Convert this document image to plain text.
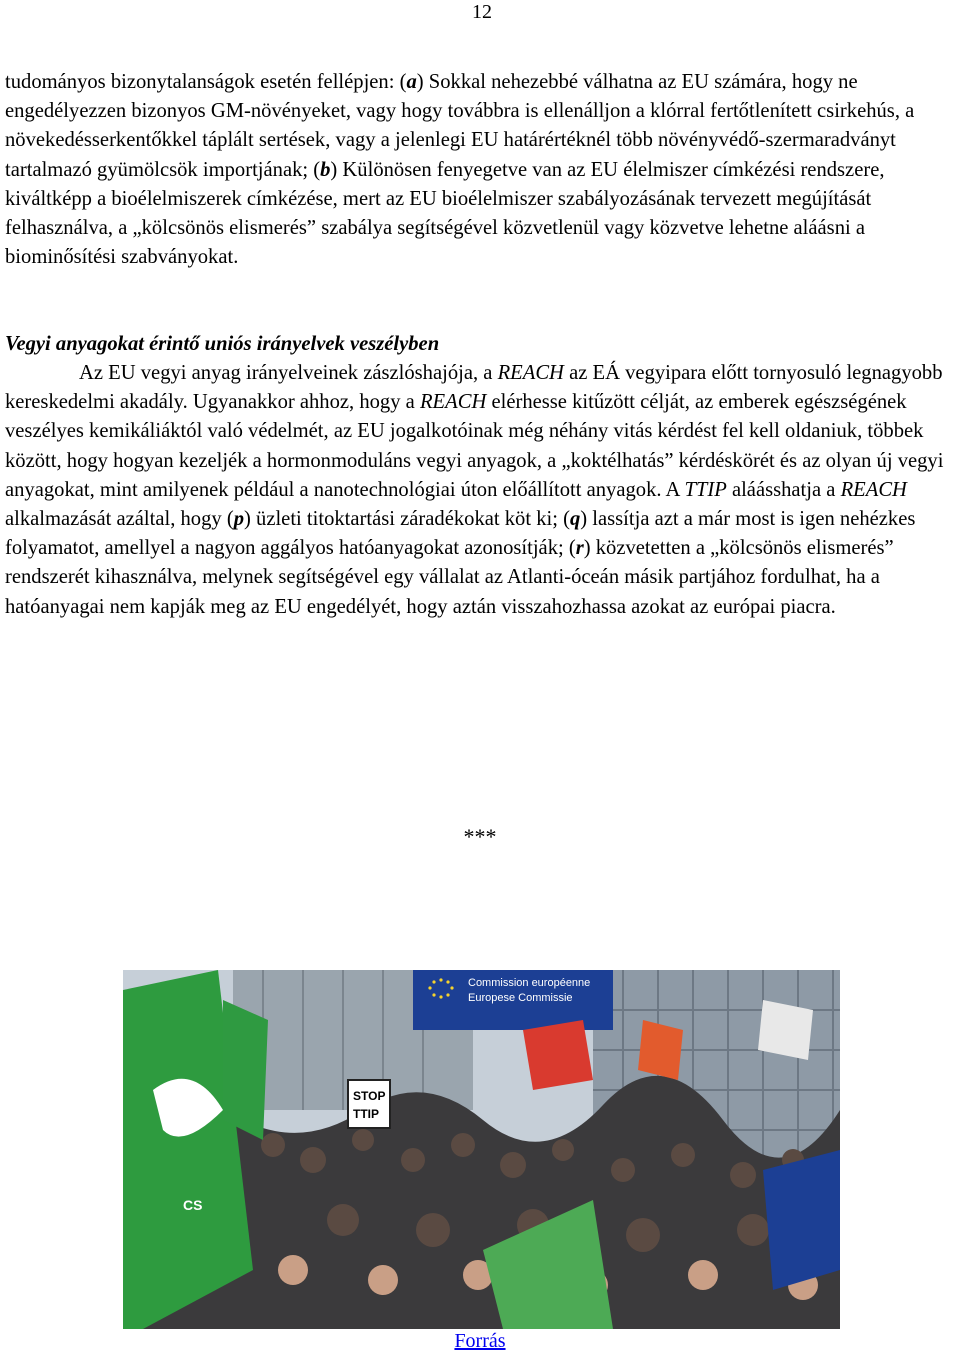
12

tudományos bizonytalanságok esetén fellépjen: (a) Sokkal nehezebbé válhatna az EU számára, hogy ne engedélyezzen bizonyos GM-növényeket, vagy hogy továbbra is ellenálljon a klórral fertőtlenített csirkehús, a növekedésserkentőkkel táplált sertések, vagy a jelenlegi EU határértéknél több növényvédő-szermaradványt tartalmazó gyümölcsök importjának; (b) Különösen fenyegetve van az EU élelmiszer címkézési rendszere, kiváltképp a bioélelmiszerek címkézése, mert az EU bioélelmiszer szabályozásának tervezett megújítását felhasználva, a „kölcsönös elismerés” szabálya segítségével közvetlenül vagy közvetve lehetne aláásni a biominősítési szabványokat.

Vegyi anyagokat érintő uniós irányelvek veszélyben

Az EU vegyi anyag irányelveinek zászlóshajója, a REACH az EÁ vegyipara előtt tornyosuló legnagyobb kereskedelmi akadály. Ugyanakkor ahhoz, hogy a REACH elérhesse kitűzött célját, az emberek egészségének veszélyes kemikáliáktól való védelmét, az EU jogalkotóinak még néhány vitás kérdést fel kell oldaniuk, többek között, hogy hogyan kezeljék a hormonmoduláns vegyi anyagok, a „koktélhatás” kérdéskörét és az olyan új vegyi anyagokat, mint amilyenek például a nanotechnológiai úton előállított anyagok. A TTIP aláásshatja a REACH alkalmazását azáltal, hogy (p) üzleti titoktartási záradékokat köt ki; (q) lassítja azt a már most is igen nehézkes folyamatot, amellyel a nagyon aggályos hatóanyagokat azonosítják; (r) közvetetten a „kölcsönös elismerés” rendszerét kihasználva, melynek segítségével egy vállalat az Atlanti-óceán másik partjához fordulhat, ha a hatóanyagai nem kapják meg az EU engedélyét, hogy aztán visszahozhassa azokat az európai piacra.

***
Commission européenne
Europese Commissie
STOP
TTIP
CS
Forrás
